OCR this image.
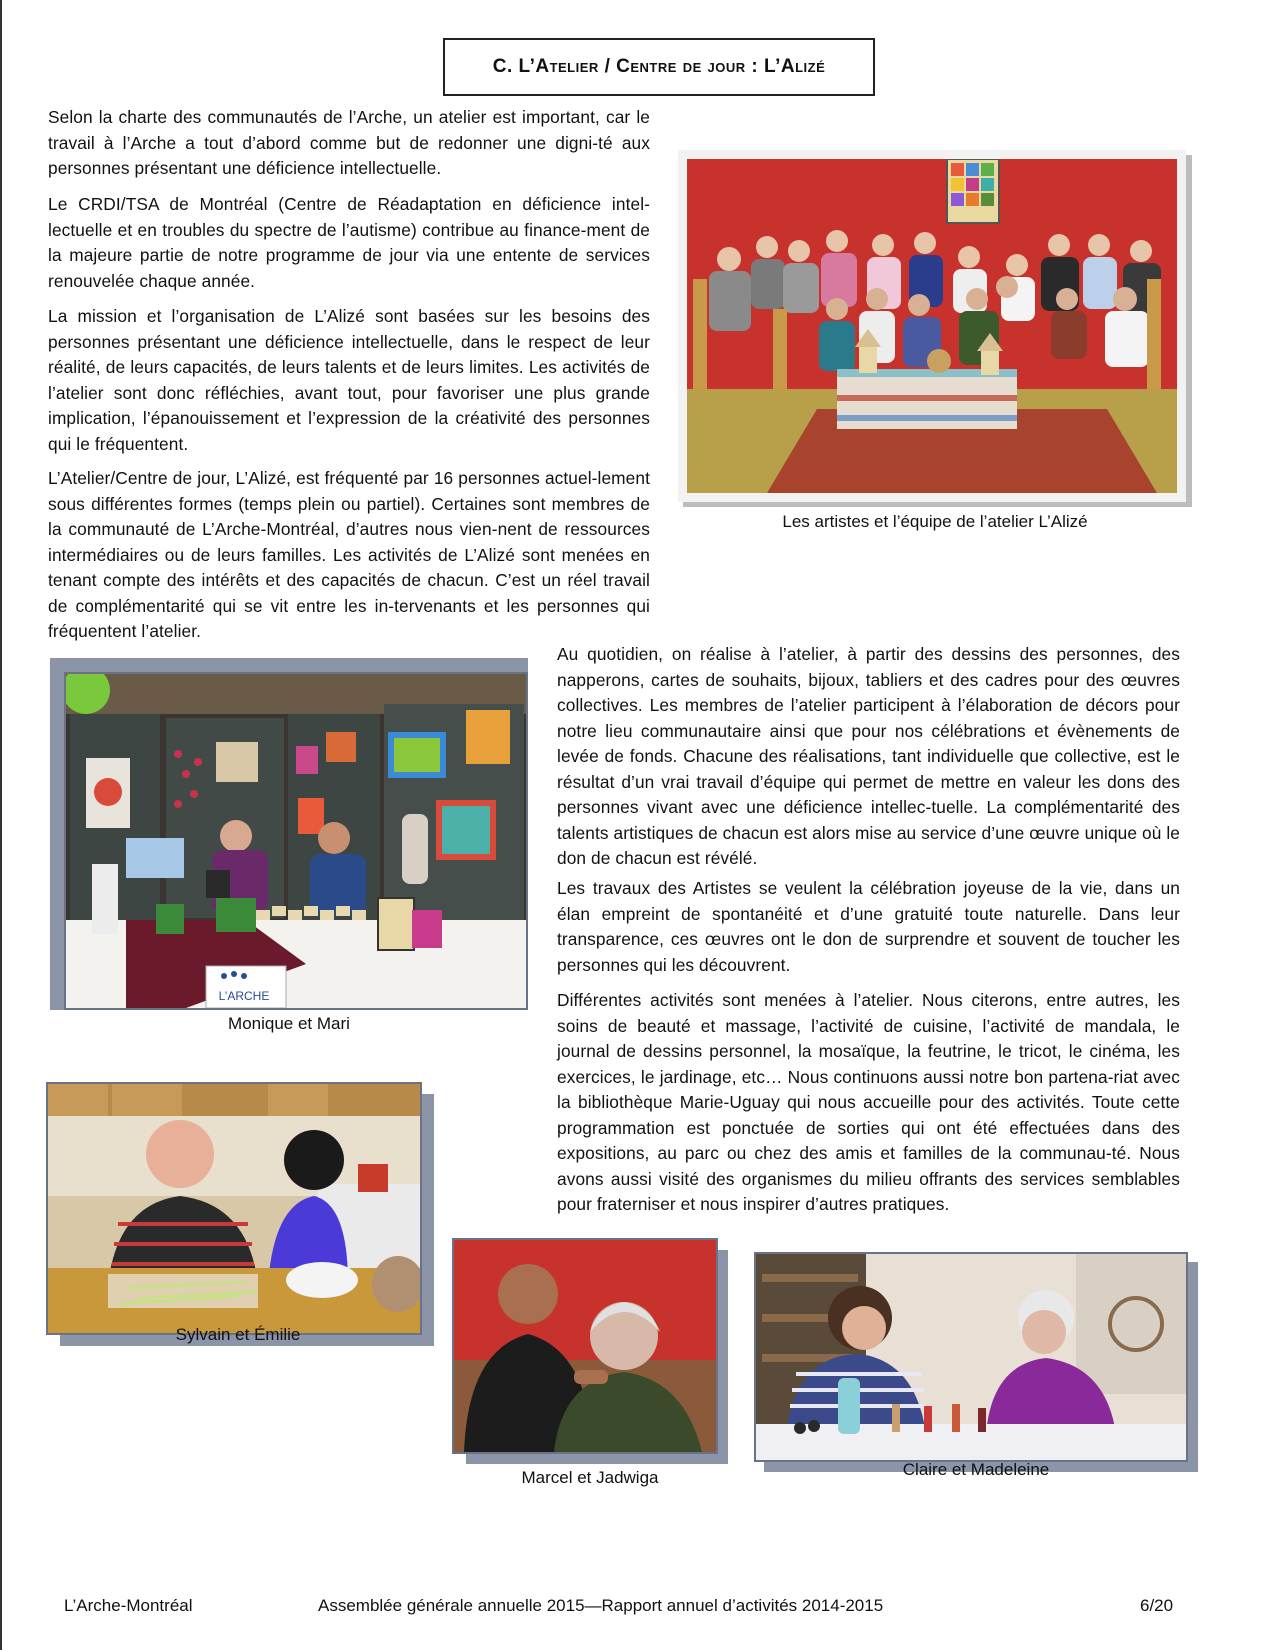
C. L’Atelier / Centre de jour : L’Alizé

Selon la charte des communautés de l’Arche, un atelier est important, car le travail à l’Arche a tout d’abord comme but de redonner une digni-té aux personnes présentant une déficience intellectuelle.

Le CRDI/TSA de Montréal (Centre de Réadaptation en déficience intel-lectuelle et en troubles du spectre de l’autisme) contribue au finance-ment de la majeure partie de notre programme de jour via une entente de services renouvelée chaque année.

La mission et l’organisation de L’Alizé sont basées sur les besoins des personnes présentant une déficience intellectuelle, dans le respect de leur réalité, de leurs capacités, de leurs talents et de leurs limites. Les activités de l’atelier sont donc réfléchies, avant tout, pour favoriser une plus grande implication, l’épanouissement et l’expression de la créativité des personnes qui le fréquentent.

L’Atelier/Centre de jour, L’Alizé, est fréquenté par 16 personnes actuel-lement sous différentes formes (temps plein ou partiel). Certaines sont membres de la communauté de L’Arche-Montréal, d’autres nous vien-nent de ressources intermédiaires ou de leurs familles. Les activités de L’Alizé sont menées en tenant compte des intérêts et des capacités de chacun. C’est un réel travail de complémentarité qui se vit entre les in-tervenants et les personnes qui fréquentent l’atelier.

Les artistes et l’équipe de l’atelier L’Alizé
L’ARCHE
Monique et Mari

Au quotidien, on réalise à l’atelier, à partir des dessins des personnes, des napperons, cartes de souhaits, bijoux, tabliers et des cadres pour des œuvres collectives. Les membres de l’atelier participent à l’élaboration de décors pour notre lieu communautaire ainsi que pour nos célébrations et évènements de levée de fonds. Chacune des réalisations, tant individuelle que collective, est le résultat d’un vrai travail d’équipe qui permet de mettre en valeur les dons des personnes vivant avec une déficience intellec-tuelle. La complémentarité des talents artistiques de chacun est alors mise au service d’une œuvre unique où le don de chacun est révélé.

Les travaux des Artistes se veulent la célébration joyeuse de la vie, dans un élan empreint de spontanéité et d’une gratuité toute naturelle. Dans leur transparence, ces œuvres ont le don de surprendre et souvent de toucher les personnes qui les découvrent.

Différentes activités sont menées à l’atelier. Nous citerons, entre autres, les soins de beauté et massage, l’activité de cuisine, l’activité de mandala, le journal de dessins personnel, la mosaïque, la feutrine, le tricot, le cinéma, les exercices, le jardinage, etc… Nous continuons aussi notre bon partena-riat avec la bibliothèque Marie-Uguay qui nous accueille pour des activités. Toute cette programmation est ponctuée de sorties qui ont été effectuées dans des expositions, au parc ou chez des amis et familles de la communau-té. Nous avons aussi visité des organismes du milieu offrants des services semblables pour fraterniser et nous inspirer d’autres pratiques.

Sylvain et Émilie
Marcel et Jadwiga	Claire et Madeleine
L’Arche-Montréal	Assemblée générale annuelle 2015—Rapport annuel d’activités 2014-2015	6/20
